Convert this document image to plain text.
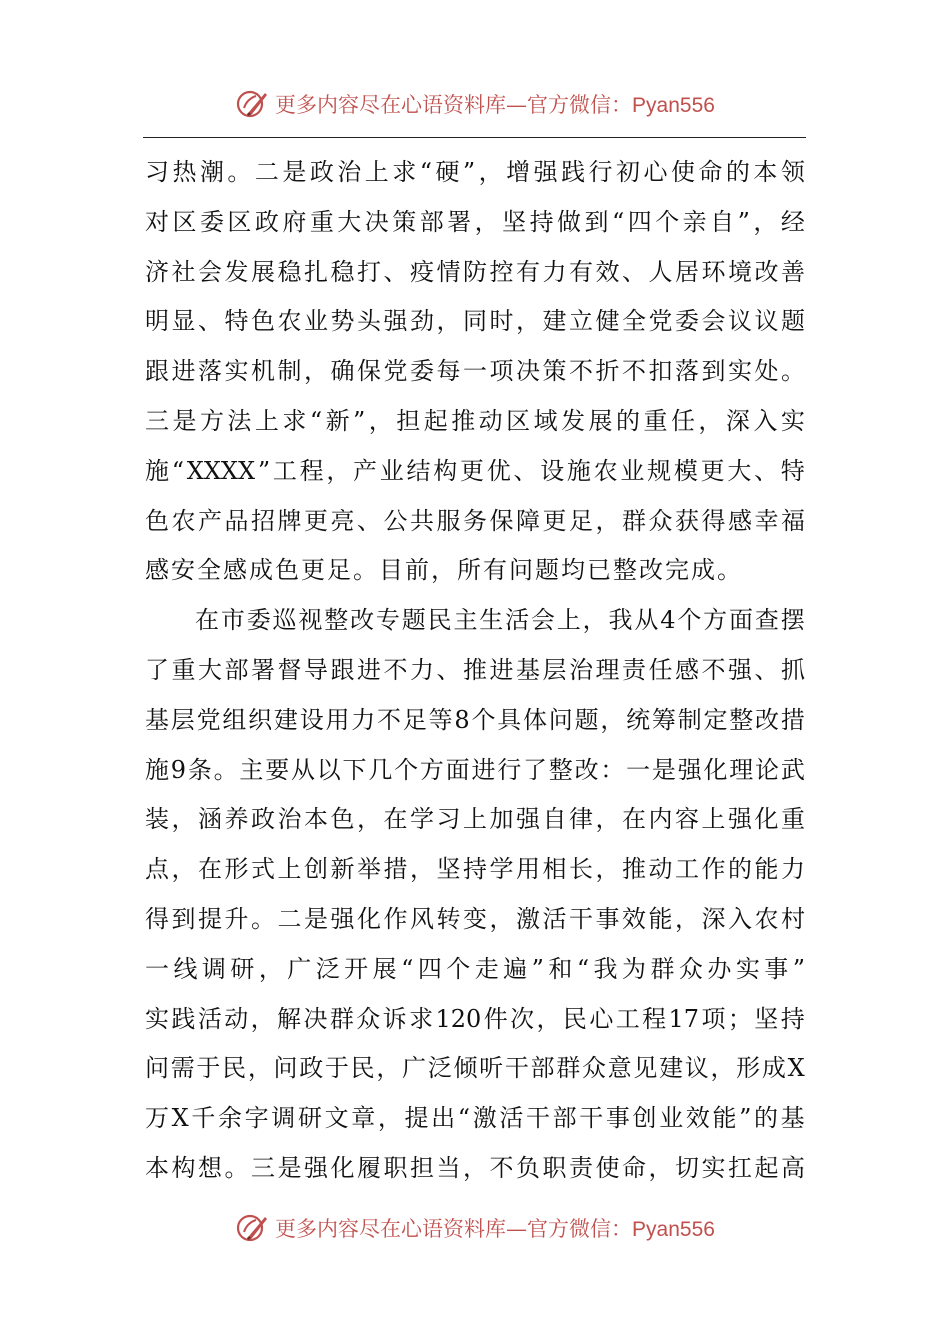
更多内容尽在心语资料库—官方微信：Pyan556
习 热 潮 。 二 是 政 治 上 求 “ 硬 ” ， 增 强 践 行 初 心 使 命 的 本 领
对 区 委 区 政 府 重 大 决 策 部 署 ， 坚 持 做 到 “ 四 个 亲 自 ” ， 经
济 社 会 发 展 稳 扎 稳 打 、 疫 情 防 控 有 力 有 效 、 人 居 环 境 改 善
明 显 、 特 色 农 业 势 头 强 劲 ， 同 时 ， 建 立 健 全 党 委 会 议 议 题
跟 进 落 实 机 制 ， 确 保 党 委 每 一 项 决 策 不 折 不 扣 落 到 实 处 。
三 是 方 法 上 求 “ 新 ” ， 担 起 推 动 区 域 发 展 的 重 任 ， 深 入 实
施 “ XXXX ” 工 程 ， 产 业 结 构 更 优 、 设 施 农 业 规 模 更 大 、 特
色 农 产 品 招 牌 更 亮 、 公 共 服 务 保 障 更 足 ， 群 众 获 得 感 幸 福
感安全感成色更足。目前，所有问题均已整改完成。
在 市 委 巡 视 整 改 专 题 民 主 生 活 会 上 ， 我 从 4 个 方 面 查 摆
了 重 大 部 署 督 导 跟 进 不 力 、 推 进 基 层 治 理 责 任 感 不 强 、 抓
基 层 党 组 织 建 设 用 力 不 足 等 8 个 具 体 问 题 ， 统 筹 制 定 整 改 措
施 9 条 。 主 要 从 以 下 几 个 方 面 进 行 了 整 改 ： 一 是 强 化 理 论 武
装 ， 涵 养 政 治 本 色 ， 在 学 习 上 加 强 自 律 ， 在 内 容 上 强 化 重
点 ， 在 形 式 上 创 新 举 措 ， 坚 持 学 用 相 长 ， 推 动 工 作 的 能 力
得 到 提 升 。 二 是 强 化 作 风 转 变 ， 激 活 干 事 效 能 ， 深 入 农 村
一 线 调 研 ， 广 泛 开 展 “ 四 个 走 遍 ” 和 “ 我 为 群 众 办 实 事 ”
实 践 活 动 ， 解 决 群 众 诉 求 120 件 次 ， 民 心 工 程 17 项 ； 坚 持
问 需 于 民 ， 问 政 于 民 ， 广 泛 倾 听 干 部 群 众 意 见 建 议 ， 形 成 X
万 X 千 余 字 调 研 文 章 ， 提 出 “ 激 活 干 部 干 事 创 业 效 能 ” 的 基
本 构 想 。 三 是 强 化 履 职 担 当 ， 不 负 职 责 使 命 ， 切 实 扛 起 高
更多内容尽在心语资料库—官方微信：Pyan556
